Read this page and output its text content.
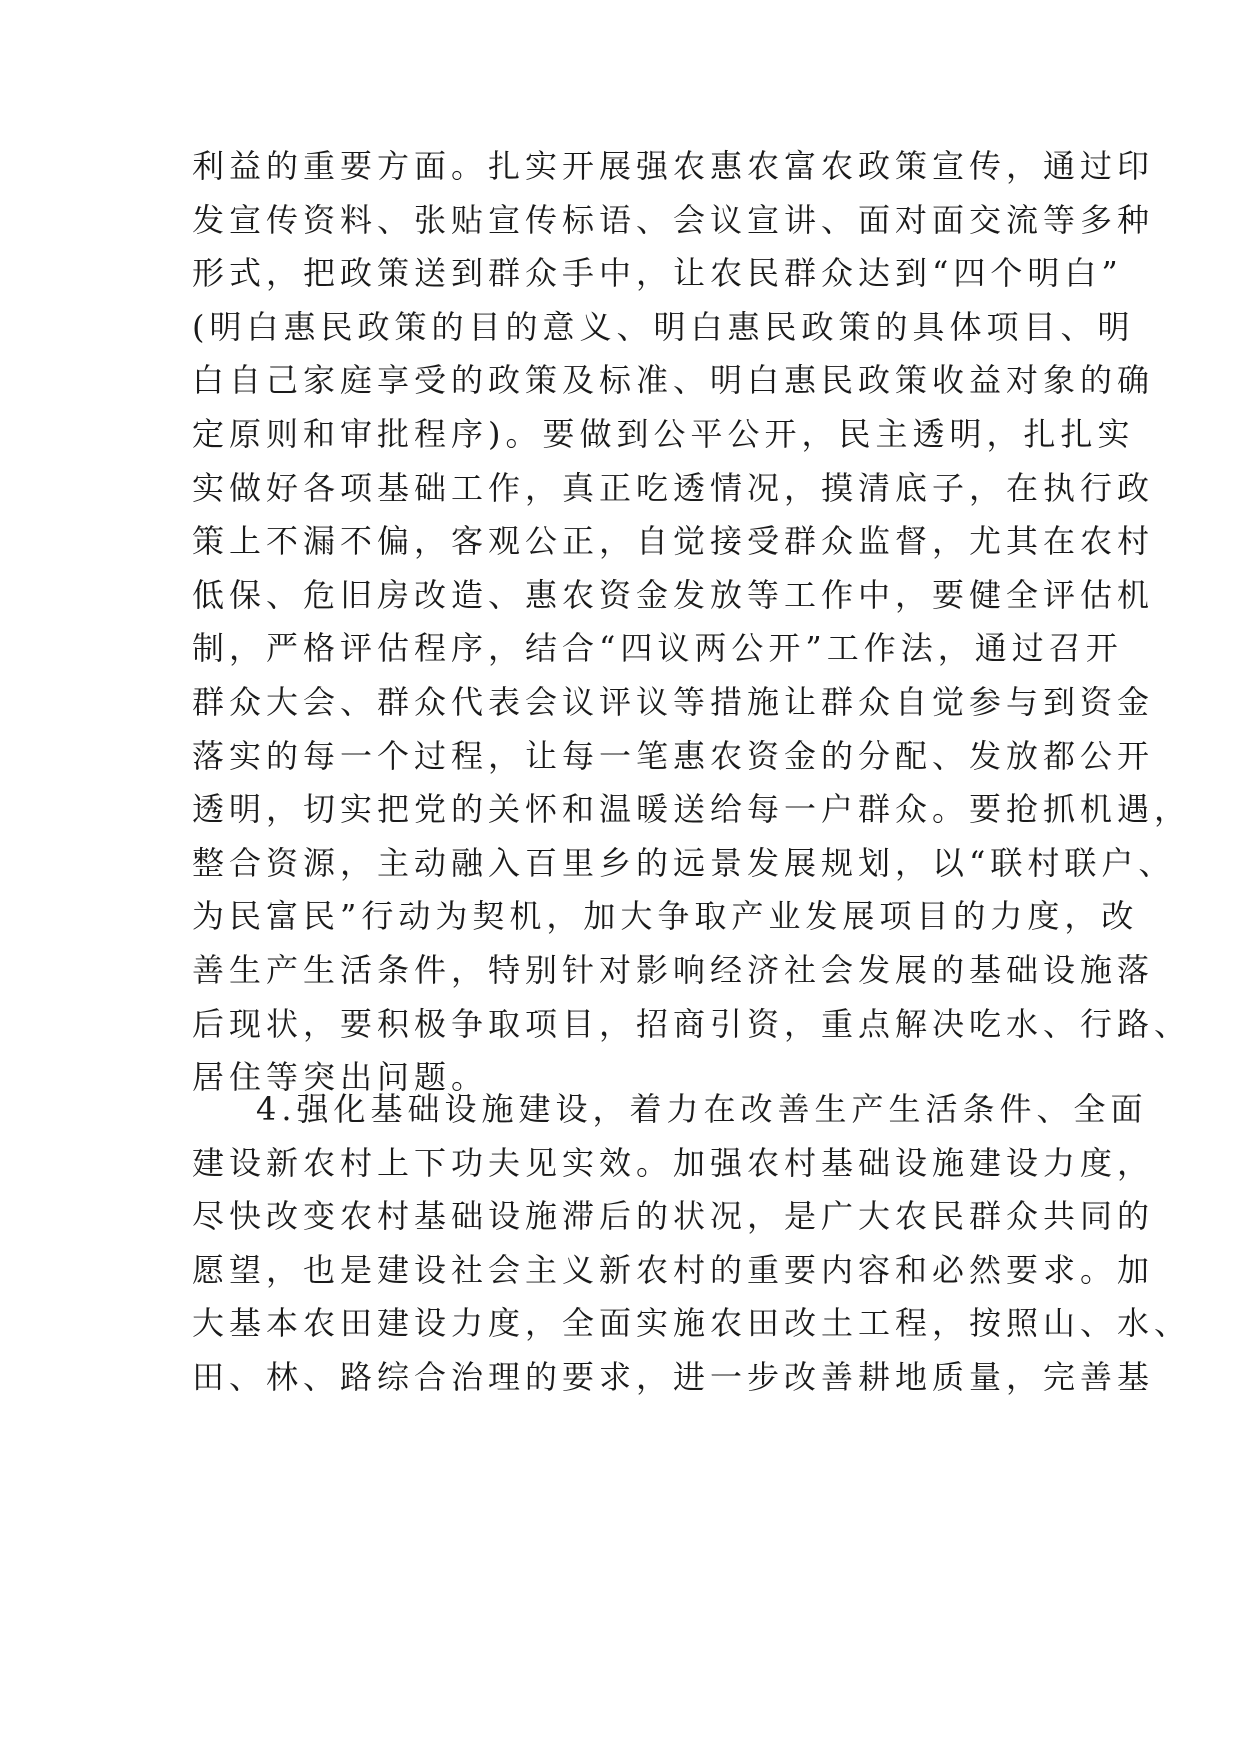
利益的重要方面。扎实开展强农惠农富农政策宣传，通过印
发宣传资料、张贴宣传标语、会议宣讲、面对面交流等多种
形式，把政策送到群众手中，让农民群众达到“四个明白”
(明白惠民政策的目的意义、明白惠民政策的具体项目、明
白自己家庭享受的政策及标准、明白惠民政策收益对象的确
定原则和审批程序)。要做到公平公开，民主透明，扎扎实
实做好各项基础工作，真正吃透情况，摸清底子，在执行政
策上不漏不偏，客观公正，自觉接受群众监督，尤其在农村
低保、危旧房改造、惠农资金发放等工作中，要健全评估机
制，严格评估程序，结合“四议两公开”工作法，通过召开
群众大会、群众代表会议评议等措施让群众自觉参与到资金
落实的每一个过程，让每一笔惠农资金的分配、发放都公开
透明，切实把党的关怀和温暖送给每一户群众。要抢抓机遇，
整合资源，主动融入百里乡的远景发展规划，以“联村联户、
为民富民”行动为契机，加大争取产业发展项目的力度，改
善生产生活条件，特别针对影响经济社会发展的基础设施落
后现状，要积极争取项目，招商引资，重点解决吃水、行路、
居住等突出问题。
4.强化基础设施建设，着力在改善生产生活条件、全面
建设新农村上下功夫见实效。加强农村基础设施建设力度，
尽快改变农村基础设施滞后的状况，是广大农民群众共同的
愿望，也是建设社会主义新农村的重要内容和必然要求。加
大基本农田建设力度，全面实施农田改土工程，按照山、水、
田、林、路综合治理的要求，进一步改善耕地质量，完善基
